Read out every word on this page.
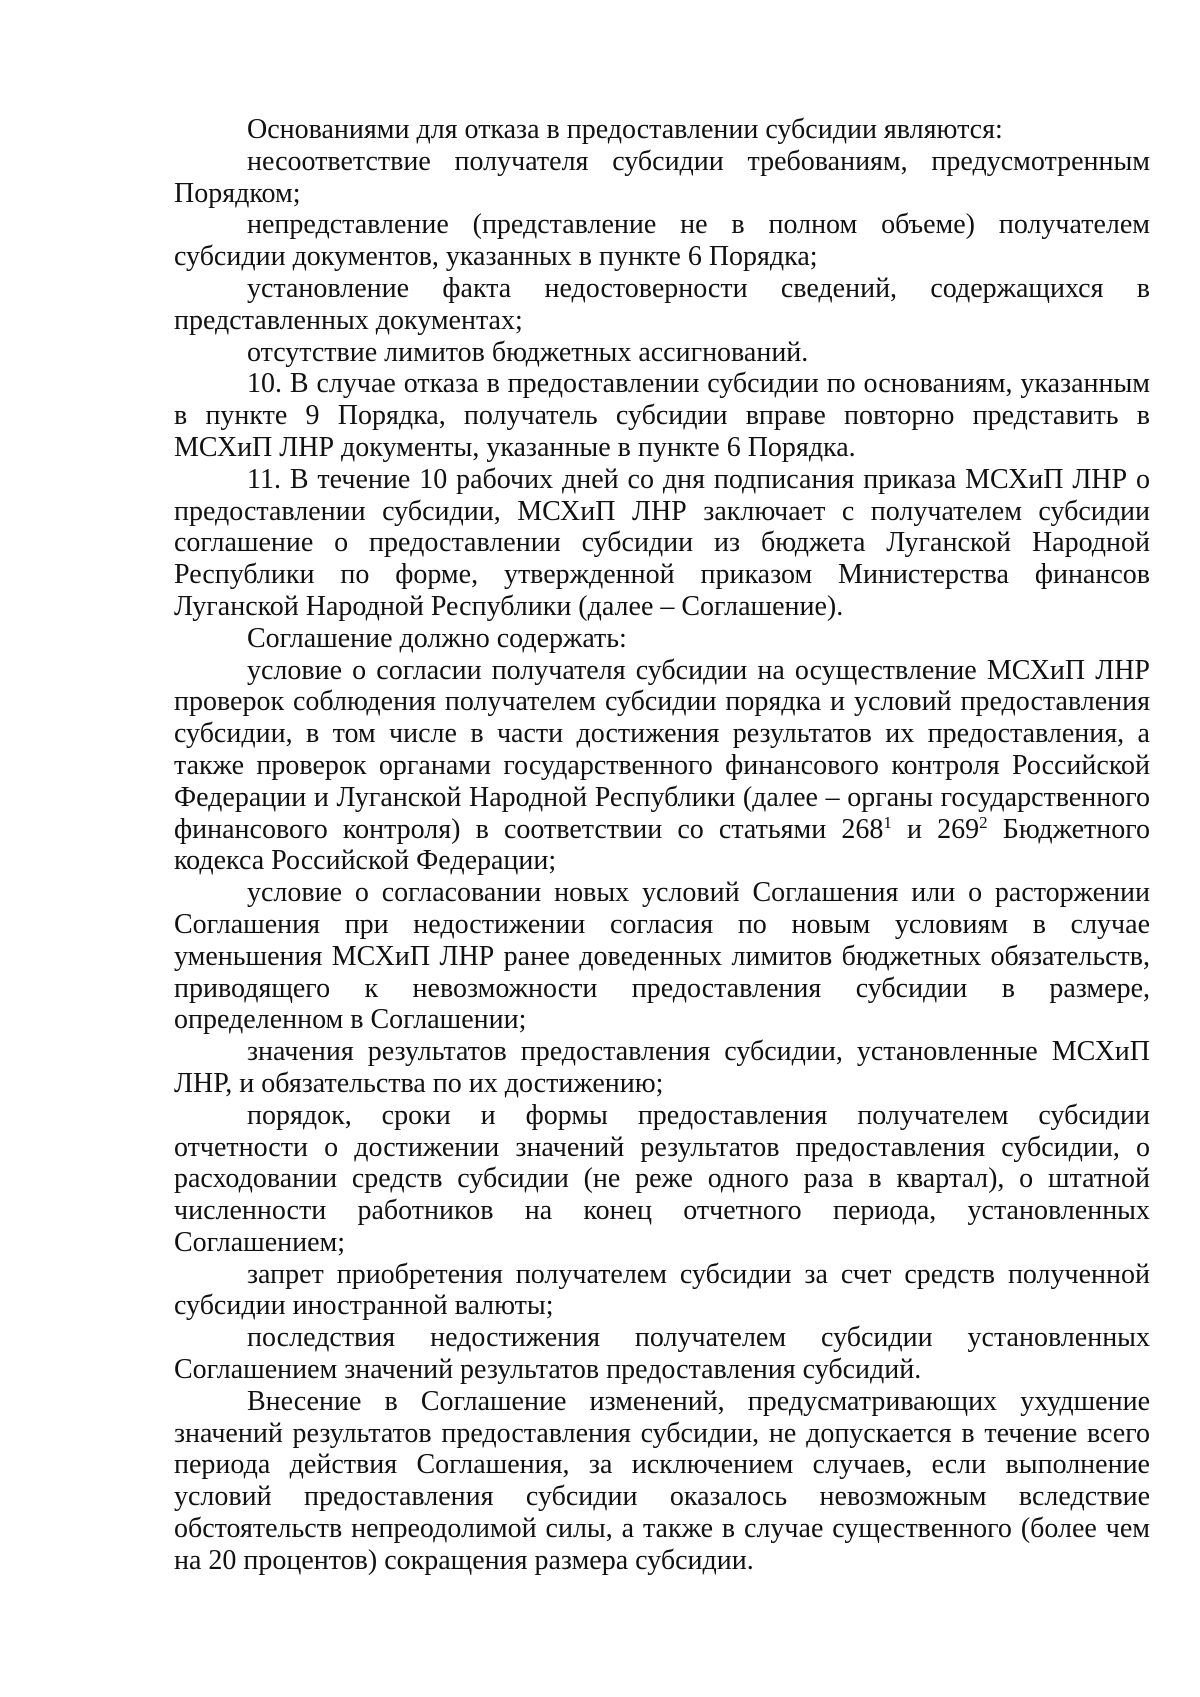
Основаниями для отказа в предоставлении субсидии являются:

несоответствие получателя субсидии требованиям, предусмотренным Порядком;

непредставление (представление не в полном объеме) получателем субсидии документов, указанных в пункте 6 Порядка;

установление факта недостоверности сведений, содержащихся в представленных документах;

отсутствие лимитов бюджетных ассигнований.

10. В случае отказа в предоставлении субсидии по основаниям, указанным в пункте 9 Порядка, получатель субсидии вправе повторно представить в МСХиП ЛНР документы, указанные в пункте 6 Порядка.

11. В течение 10 рабочих дней со дня подписания приказа МСХиП ЛНР о предоставлении субсидии, МСХиП ЛНР заключает с получателем субсидии соглашение о предоставлении субсидии из бюджета Луганской Народной Республики по форме, утвержденной приказом Министерства финансов Луганской Народной Республики (далее – Соглашение).

Соглашение должно содержать:

условие о согласии получателя субсидии на осуществление МСХиП ЛНР проверок соблюдения получателем субсидии порядка и условий предоставления субсидии, в том числе в части достижения результатов их предоставления, а также проверок органами государственного финансового контроля Российской Федерации и Луганской Народной Республики (далее – органы государственного финансового контроля) в соответствии со статьями $268^1$ и $269^2$ Бюджетного кодекса Российской Федерации;

условие о согласовании новых условий Соглашения или о расторжении Соглашения при недостижении согласия по новым условиям в случае уменьшения МСХиП ЛНР ранее доведенных лимитов бюджетных обязательств, приводящего к невозможности предоставления субсидии в размере, определенном в Соглашении;

значения результатов предоставления субсидии, установленные МСХиП ЛНР, и обязательства по их достижению;

порядок, сроки и формы предоставления получателем субсидии отчетности о достижении значений результатов предоставления субсидии, о расходовании средств субсидии (не реже одного раза в квартал), о штатной численности работников на конец отчетного периода, установленных Соглашением;

запрет приобретения получателем субсидии за счет средств полученной субсидии иностранной валюты;

последствия недостижения получателем субсидии установленных Соглашением значений результатов предоставления субсидий.

Внесение в Соглашение изменений, предусматривающих ухудшение значений результатов предоставления субсидии, не допускается в течение всего периода действия Соглашения, за исключением случаев, если выполнение условий предоставления субсидии оказалось невозможным вследствие обстоятельств непреодолимой силы, а также в случае существенного (более чем на 20 процентов) сокращения размера субсидии.
